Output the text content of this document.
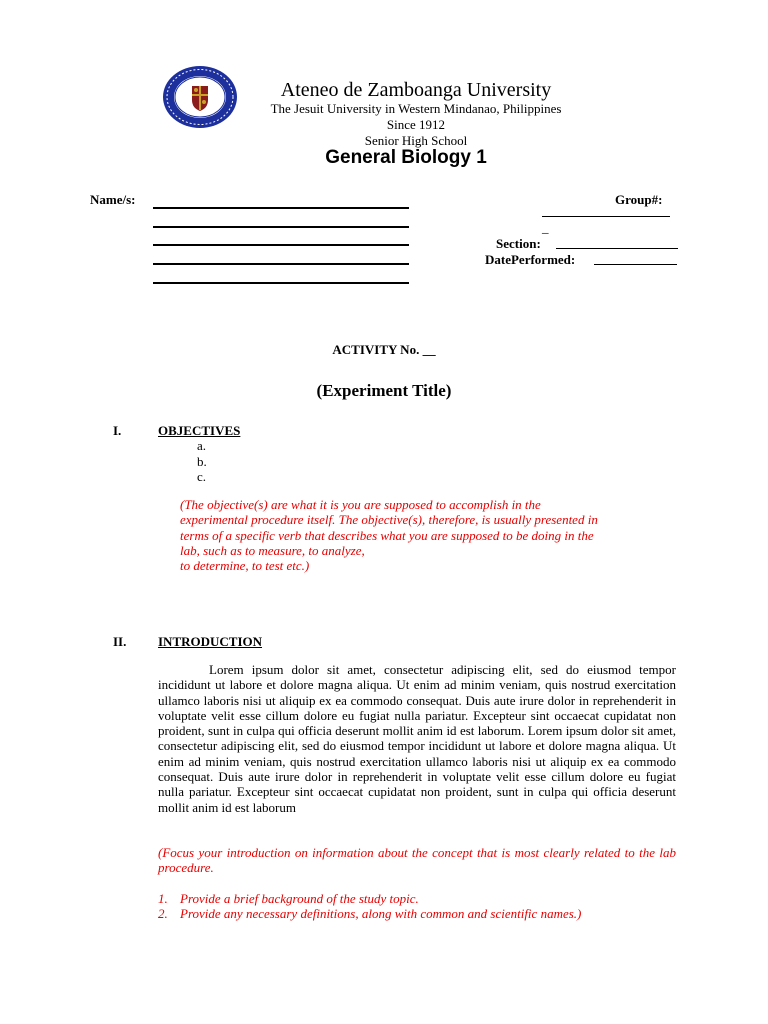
Ateneo de Zamboanga University
The Jesuit University in Western Mindanao, Philippines
Since 1912
Senior High School
General Biology 1
Name/s:	Group#:
_
Section:
DatePerformed:
ACTIVITY No. __
(Experiment Title)
I.	OBJECTIVES
a.
b.
c.
(The objective(s) are what it is you are supposed to accomplish in the
experimental procedure itself. The objective(s), therefore, is usually presented in
terms of a specific verb that describes what you are supposed to be doing in the
lab, such as to measure, to analyze,
to determine, to test etc.)
II. INTRODUCTION

Lorem ipsum dolor sit amet, consectetur adipiscing elit, sed do eiusmod tempor incididunt ut labore et dolore magna aliqua. Ut enim ad minim veniam, quis nostrud exercitation ullamco laboris nisi ut aliquip ex ea commodo consequat. Duis aute irure dolor in reprehenderit in voluptate velit esse cillum dolore eu fugiat nulla pariatur. Excepteur sint occaecat cupidatat non proident, sunt in culpa qui officia deserunt mollit anim id est laborum. Lorem ipsum dolor sit amet, consectetur adipiscing elit, sed do eiusmod tempor incididunt ut labore et dolore magna aliqua. Ut enim ad minim veniam, quis nostrud exercitation ullamco laboris nisi ut aliquip ex ea commodo consequat. Duis aute irure dolor in reprehenderit in voluptate velit esse cillum dolore eu fugiat nulla pariatur. Excepteur sint occaecat cupidatat non proident, sunt in culpa qui officia deserunt mollit anim id est laborum

(Focus your introduction on information about the concept that is most clearly related to the lab procedure.

1. Provide a brief background of the study topic.
2. Provide any necessary definitions, along with common and scientific names.)
